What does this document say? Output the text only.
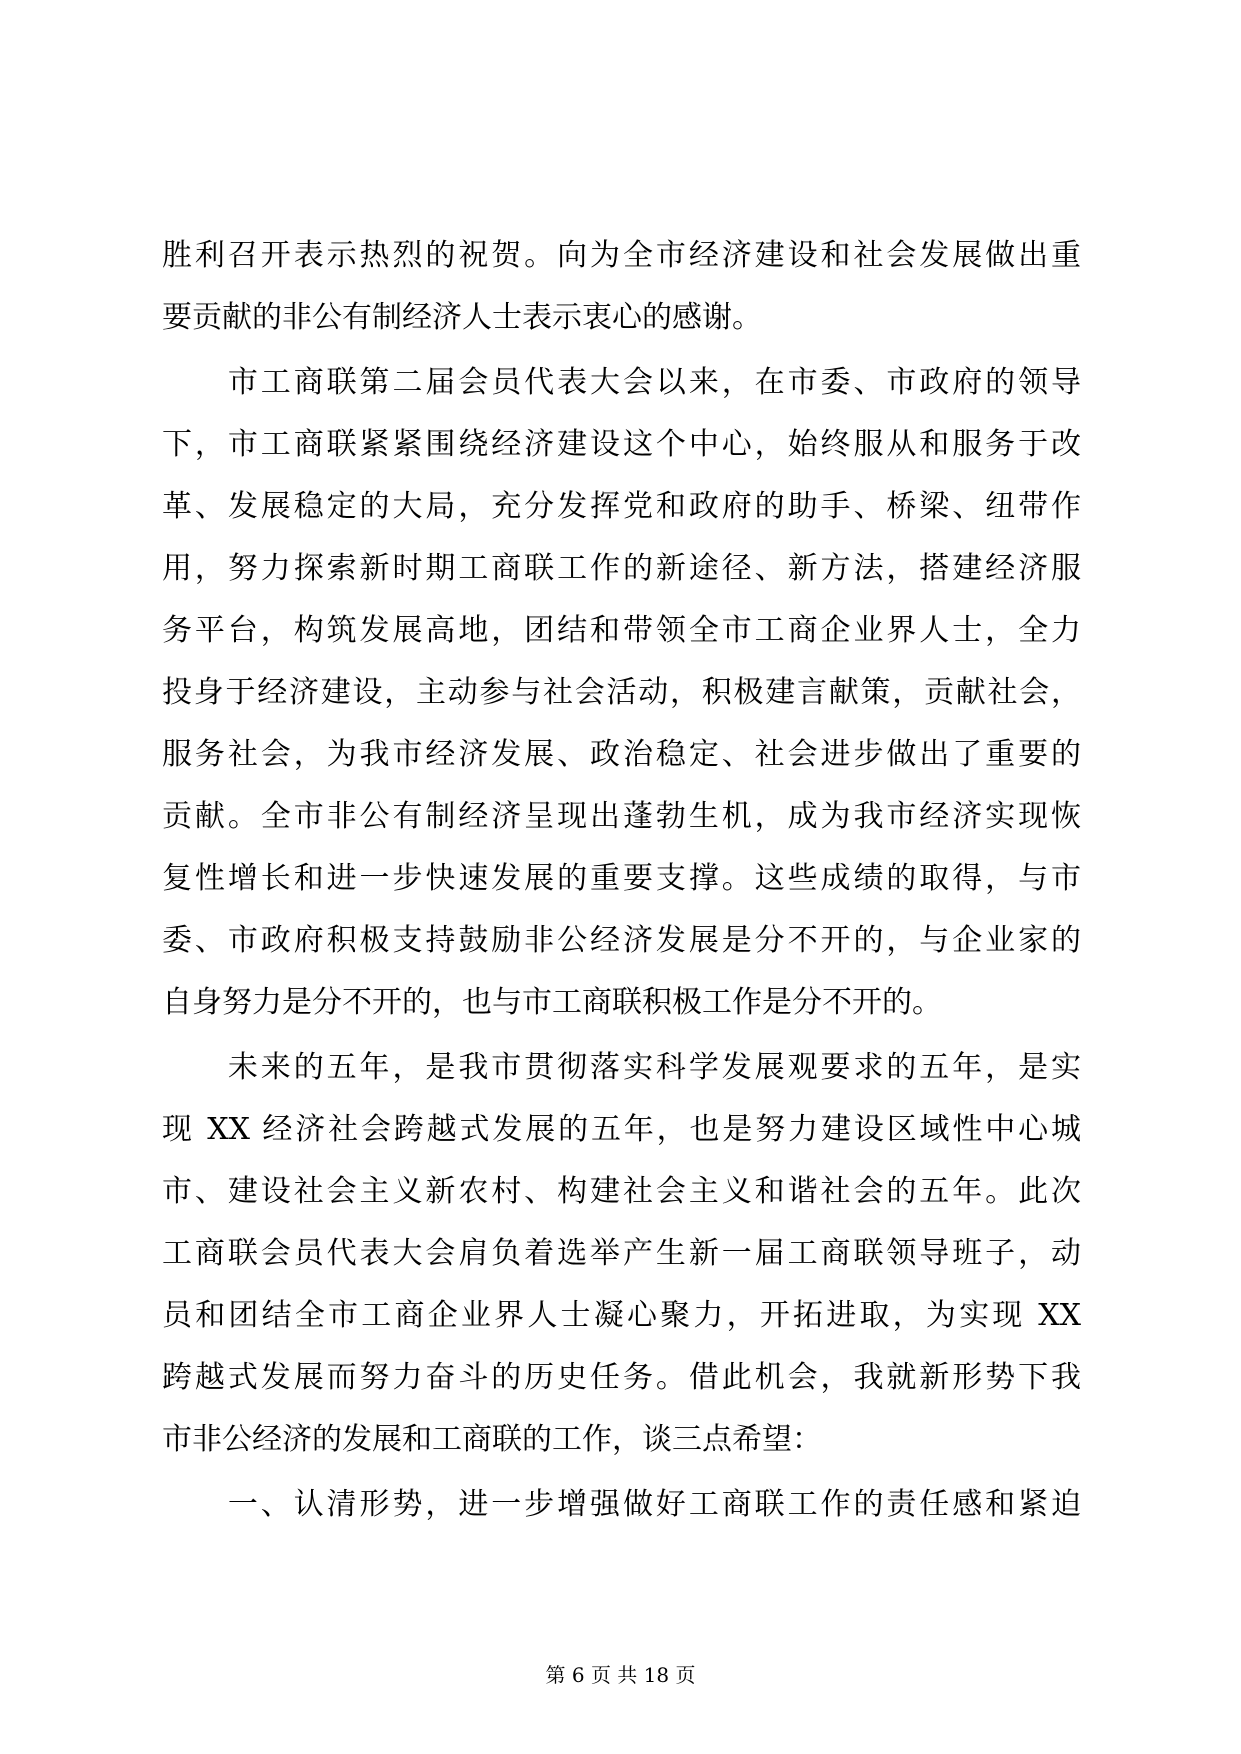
胜利召开表示热烈的祝贺。向为全市经济建设和社会发展做出重
要贡献的非公有制经济人士表示衷心的感谢。
　　市工商联第二届会员代表大会以来，在市委、市政府的领导
下，市工商联紧紧围绕经济建设这个中心，始终服从和服务于改
革、发展稳定的大局，充分发挥党和政府的助手、桥梁、纽带作
用，努力探索新时期工商联工作的新途径、新方法，搭建经济服
务平台，构筑发展高地，团结和带领全市工商企业界人士，全力
投身于经济建设，主动参与社会活动，积极建言献策，贡献社会，
服务社会，为我市经济发展、政治稳定、社会进步做出了重要的
贡献。全市非公有制经济呈现出蓬勃生机，成为我市经济实现恢
复性增长和进一步快速发展的重要支撑。这些成绩的取得，与市
委、市政府积极支持鼓励非公经济发展是分不开的，与企业家的
自身努力是分不开的，也与市工商联积极工作是分不开的。
　　未来的五年，是我市贯彻落实科学发展观要求的五年，是实
现 XX 经济社会跨越式发展的五年，也是努力建设区域性中心城
市、建设社会主义新农村、构建社会主义和谐社会的五年。此次
工商联会员代表大会肩负着选举产生新一届工商联领导班子，动
员和团结全市工商企业界人士凝心聚力，开拓进取，为实现 XX
跨越式发展而努力奋斗的历史任务。借此机会，我就新形势下我
市非公经济的发展和工商联的工作，谈三点希望：
　　一、认清形势，进一步增强做好工商联工作的责任感和紧迫
第 6 页 共 18 页
